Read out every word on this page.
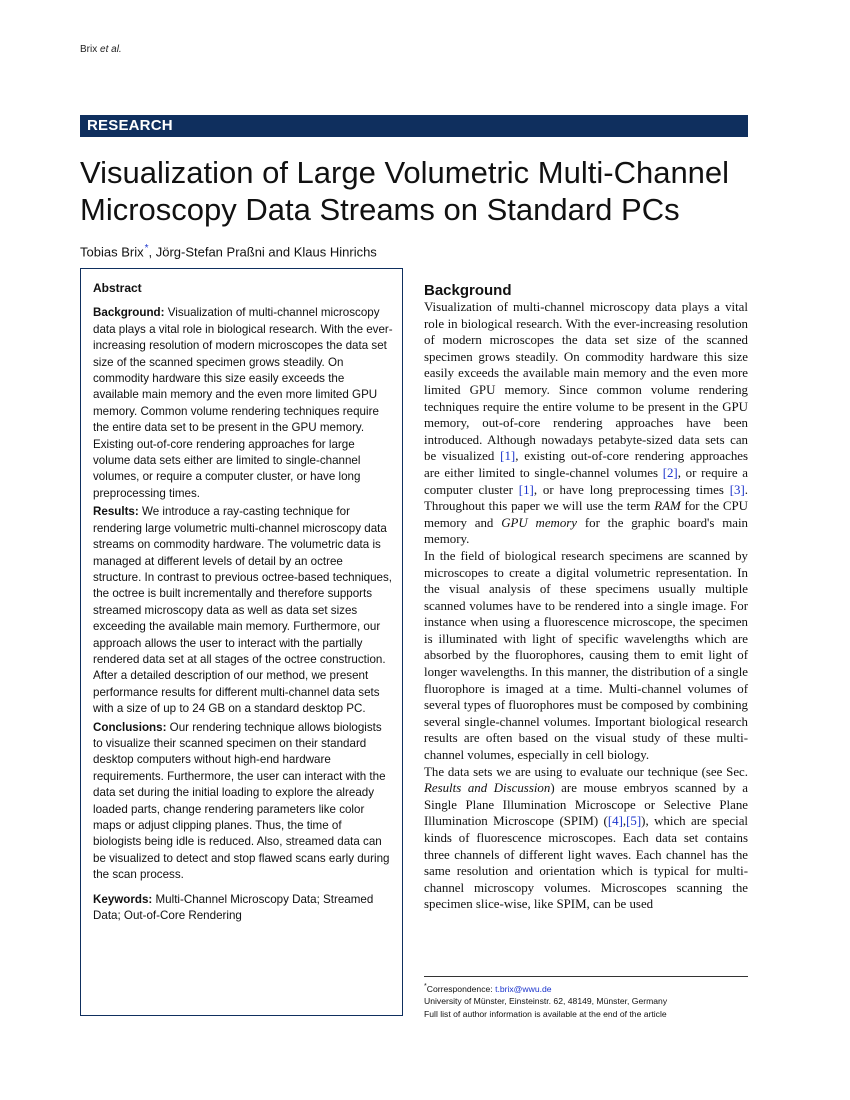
Brix et al.
RESEARCH
Visualization of Large Volumetric Multi-Channel Microscopy Data Streams on Standard PCs
Tobias Brix*, Jörg-Stefan Praßni and Klaus Hinrichs
Abstract

Background: Visualization of multi-channel microscopy data plays a vital role in biological research. With the ever-increasing resolution of modern microscopes the data set size of the scanned specimen grows steadily. On commodity hardware this size easily exceeds the available main memory and the even more limited GPU memory. Common volume rendering techniques require the entire data set to be present in the GPU memory. Existing out-of-core rendering approaches for large volume data sets either are limited to single-channel volumes, or require a computer cluster, or have long preprocessing times.

Results: We introduce a ray-casting technique for rendering large volumetric multi-channel microscopy data streams on commodity hardware. The volumetric data is managed at different levels of detail by an octree structure. In contrast to previous octree-based techniques, the octree is built incrementally and therefore supports streamed microscopy data as well as data set sizes exceeding the available main memory. Furthermore, our approach allows the user to interact with the partially rendered data set at all stages of the octree construction. After a detailed description of our method, we present performance results for different multi-channel data sets with a size of up to 24 GB on a standard desktop PC.

Conclusions: Our rendering technique allows biologists to visualize their scanned specimen on their standard desktop computers without high-end hardware requirements. Furthermore, the user can interact with the data set during the initial loading to explore the already loaded parts, change rendering parameters like color maps or adjust clipping planes. Thus, the time of biologists being idle is reduced. Also, streamed data can be visualized to detect and stop flawed scans early during the scan process.

Keywords: Multi-Channel Microscopy Data; Streamed Data; Out-of-Core Rendering

Background

Visualization of multi-channel microscopy data plays a vital role in biological research. With the ever-increasing resolution of modern microscopes the data set size of the scanned specimen grows steadily. On commodity hardware this size easily exceeds the available main memory and the even more limited GPU memory. Since common volume rendering techniques require the entire volume to be present in the GPU memory, out-of-core rendering approaches have been introduced. Although nowadays petabyte-sized data sets can be visualized [1], existing out-of-core rendering approaches are either limited to single-channel volumes [2], or require a computer cluster [1], or have long preprocessing times [3]. Throughout this paper we will use the term RAM for the CPU memory and GPU memory for the graphic board's main memory.

In the field of biological research specimens are scanned by microscopes to create a digital volumetric representation. In the visual analysis of these specimens usually multiple scanned volumes have to be rendered into a single image. For instance when using a fluorescence microscope, the specimen is illuminated with light of specific wavelengths which are absorbed by the fluorophores, causing them to emit light of longer wavelengths. In this manner, the distribution of a single fluorophore is imaged at a time. Multi-channel volumes of several types of fluorophores must be composed by combining several single-channel volumes. Important biological research results are often based on the visual study of these multi-channel volumes, especially in cell biology.

The data sets we are using to evaluate our technique (see Sec. Results and Discussion) are mouse embryos scanned by a Single Plane Illumination Microscope or Selective Plane Illumination Microscope (SPIM) ([4],[5]), which are special kinds of fluorescence microscopes. Each data set contains three channels of different light waves. Each channel has the same resolution and orientation which is typical for multi-channel microscopy volumes. Microscopes scanning the specimen slice-wise, like SPIM, can be used

*Correspondence: t.brix@wwu.de
University of Münster, Einsteinstr. 62, 48149, Münster, Germany
Full list of author information is available at the end of the article
